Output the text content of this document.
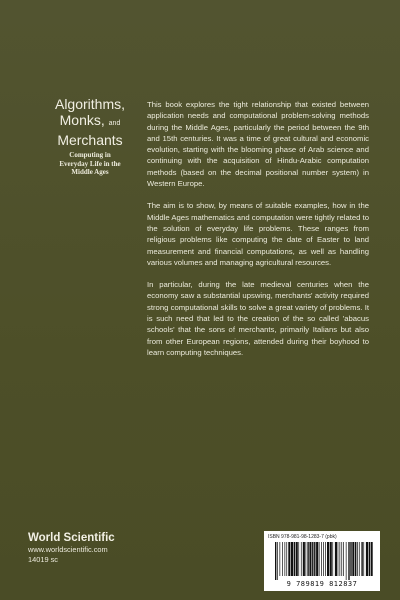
Algorithms,
Monks, and
Merchants
Computing in
Everyday Life in the
Middle Ages

This book explores the tight relationship that existed between application needs and computational problem-solving methods during the Middle Ages, particularly the period between the 9th and 15th centuries. It was a time of great cultural and economic evolution, starting with the blooming phase of Arab science and continuing with the acquisition of Hindu-Arabic computation methods (based on the decimal positional number system) in Western Europe.

The aim is to show, by means of suitable examples, how in the Middle Ages mathematics and computation were tightly related to the solution of everyday life problems. These ranges from religious problems like computing the date of Easter to land measurement and financial computations, as well as handling various volumes and managing agricultural resources.

In particular, during the late medieval centuries when the economy saw a substantial upswing, merchants' activity required strong computational skills to solve a great variety of problems. It is such need that led to the creation of the so called 'abacus schools' that the sons of merchants, primarily Italians but also from other European regions, attended during their boyhood to learn computing techniques.

World Scientific
www.worldscientific.com
14019 sc
ISBN 978-981-98-1283-7 (pbk)
9 789819 812837
